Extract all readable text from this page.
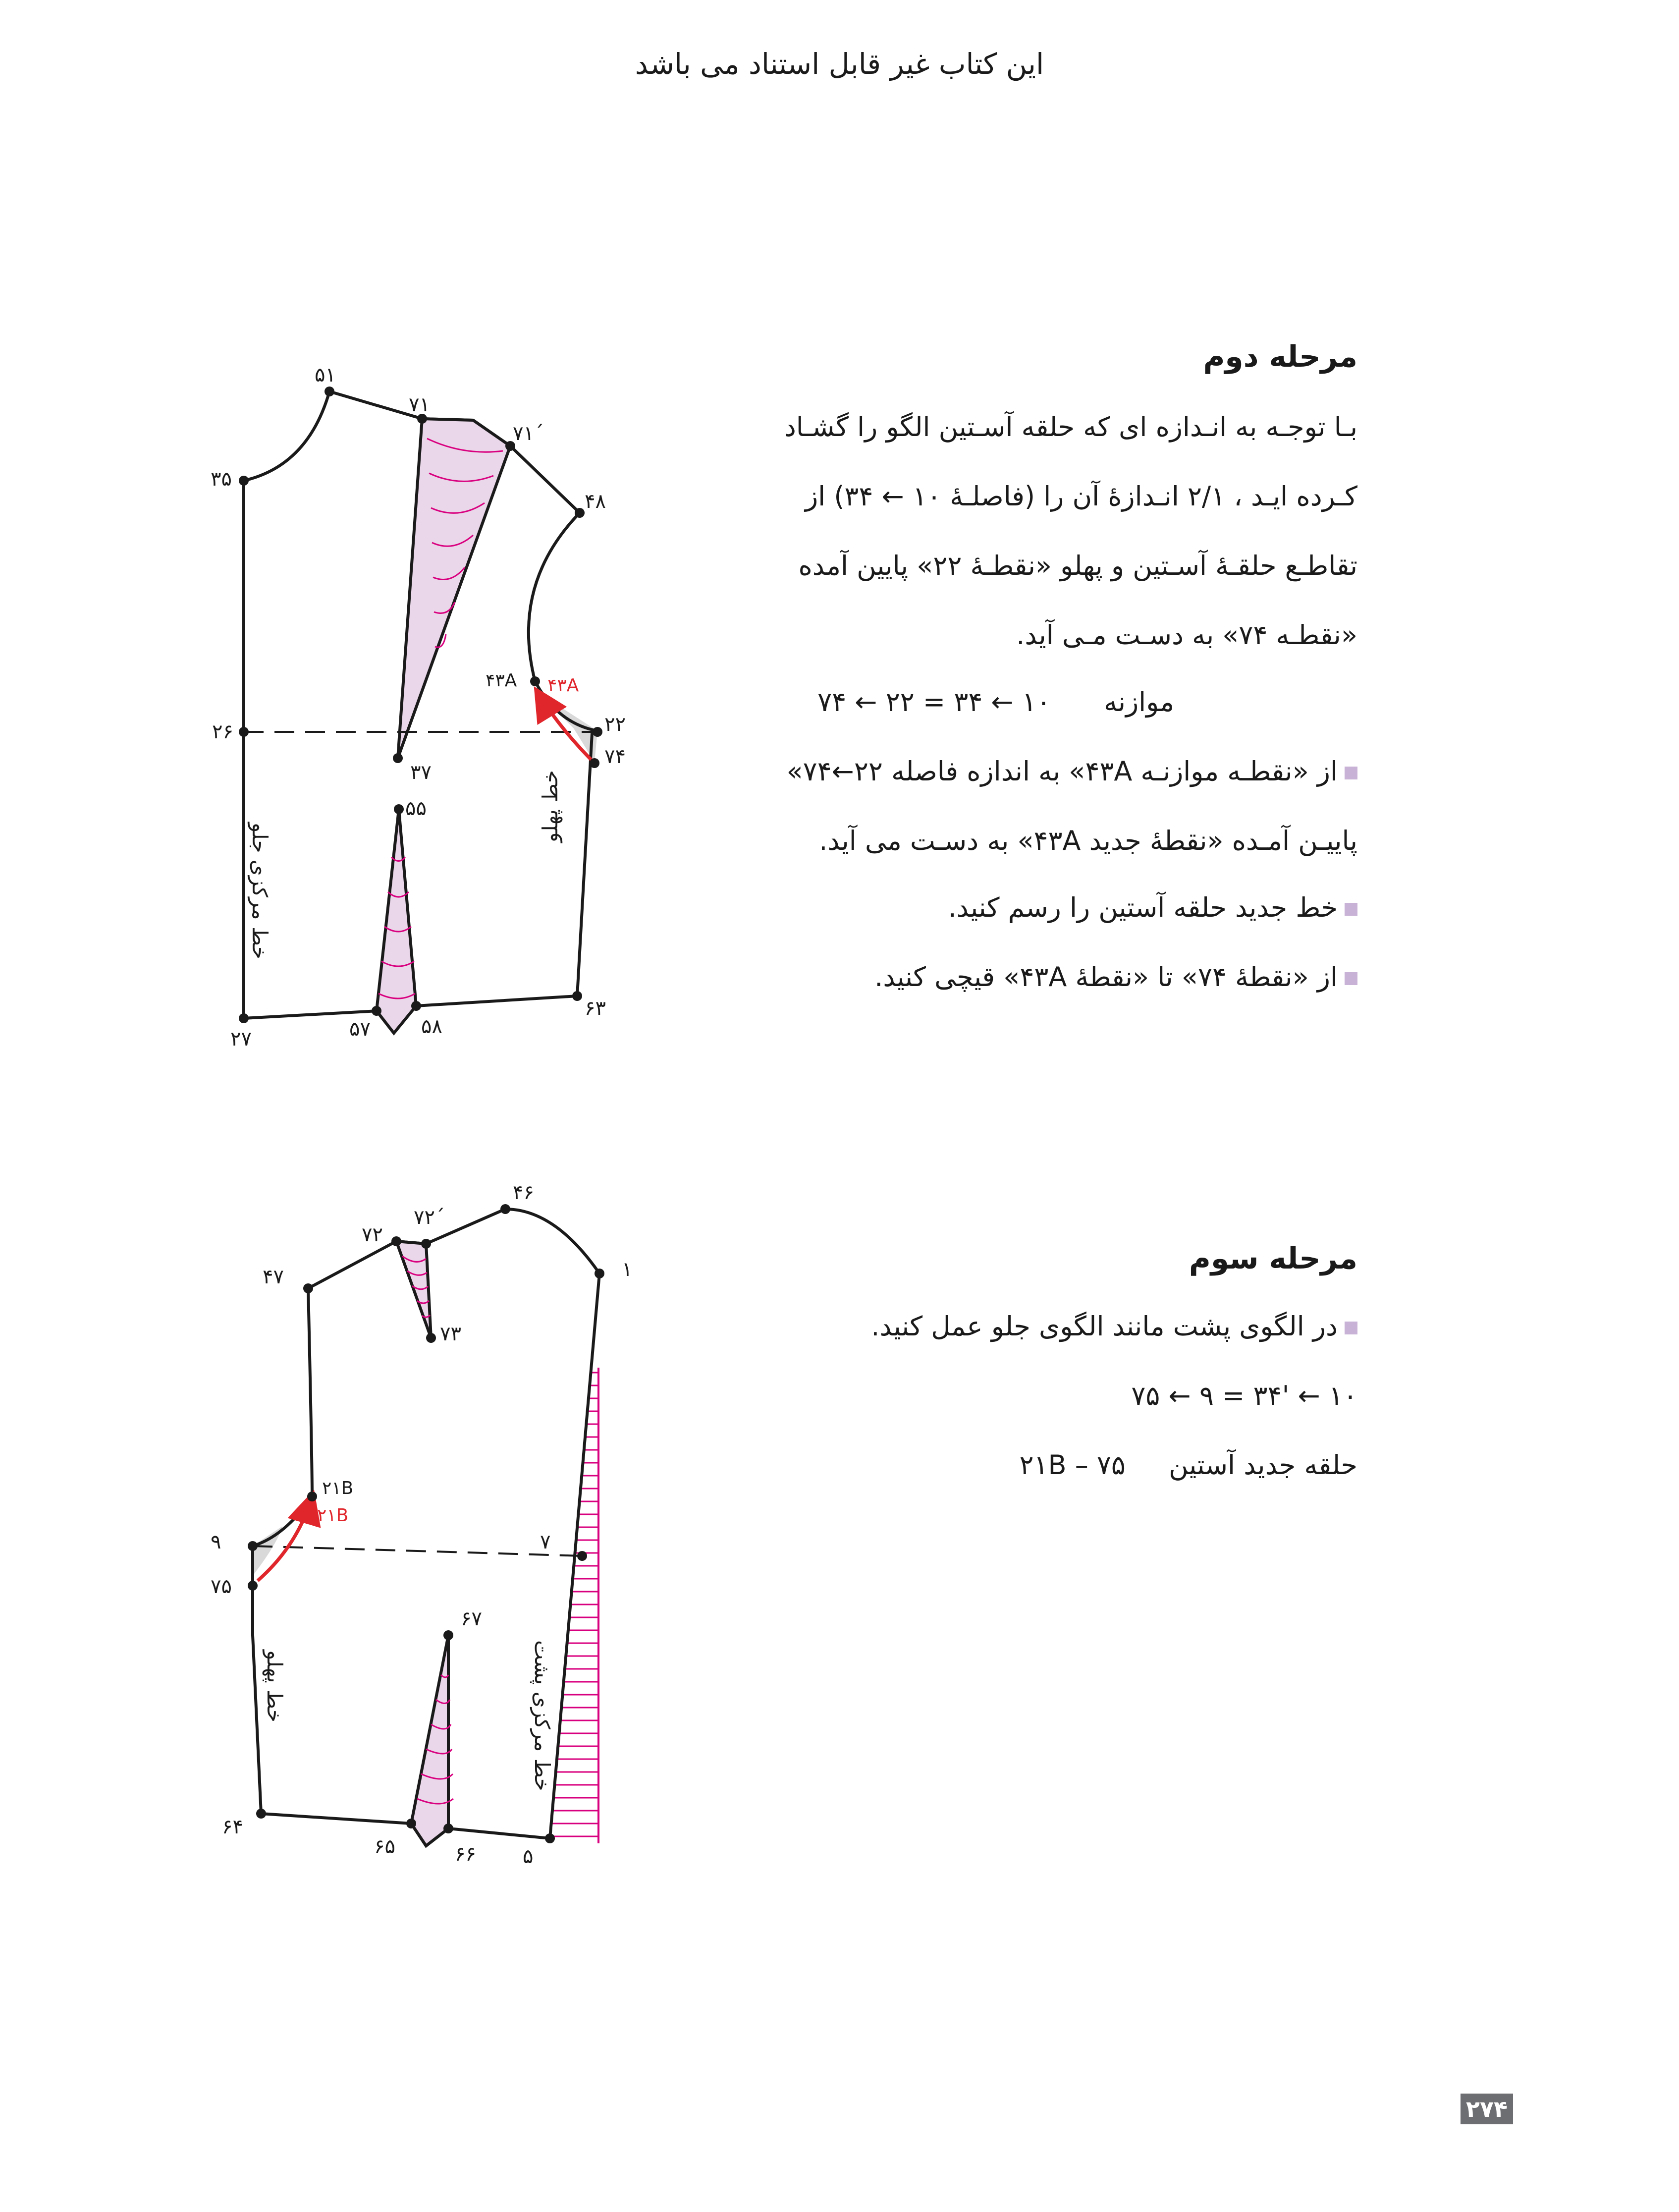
این کتاب غیر قابل استناد می باشد
مرحله دوم
بـا توجـه به انـدازه ای که حلقه آسـتین الگو را گشـاد
کـرده ایـد ، ۲/۱ انـدازهٔ آن را (فاصلـهٔ ۱۰ ← ۳۴) از
تقاطـع حلقـهٔ آسـتین و پهلو «نقطـهٔ ۲۲» پایین آمده
«نقطـه ۷۴» به دسـت مـی آید.
موازنه ۱۰ ← ۳۴ = ۲۲ ← ۷۴
از «نقطـه موازنـه ۴۳A» به اندازه فاصله ۲۲←۷۴»
پاییـن آمـده «نقطهٔ جدید ۴۳A» به دسـت می آید.
خط جدید حلقه آستین را رسم کنید.
از «نقطهٔ ۷۴» تا «نقطهٔ ۴۳A» قیچی کنید.
مرحله سوم
در الگوی پشت مانند الگوی جلو عمل کنید.
۱۰ ← '۳۴ = ۹ ← ۷۵
حلقه جدید آستین ۷۵ – ۲۱B
۵۱
۷۱
۷۱´
۴۸
۳۵
۴۳A ۴۳A
۲۶	۲۲
۷۴
۳۷
۵۵
۲۷	۵۷	۵۸
۶۳
خط مرکزی جلو
خط پهلو
۴۶
۷۲´
۷۲
۴۷	۱
۷۳
۲۱B
۲۱B
۹	۷
۷۵
۶۷
۶۴
۶۵	۶۶ ۵
خط پهلو	خط مرکزی پشت
۲۷۴
